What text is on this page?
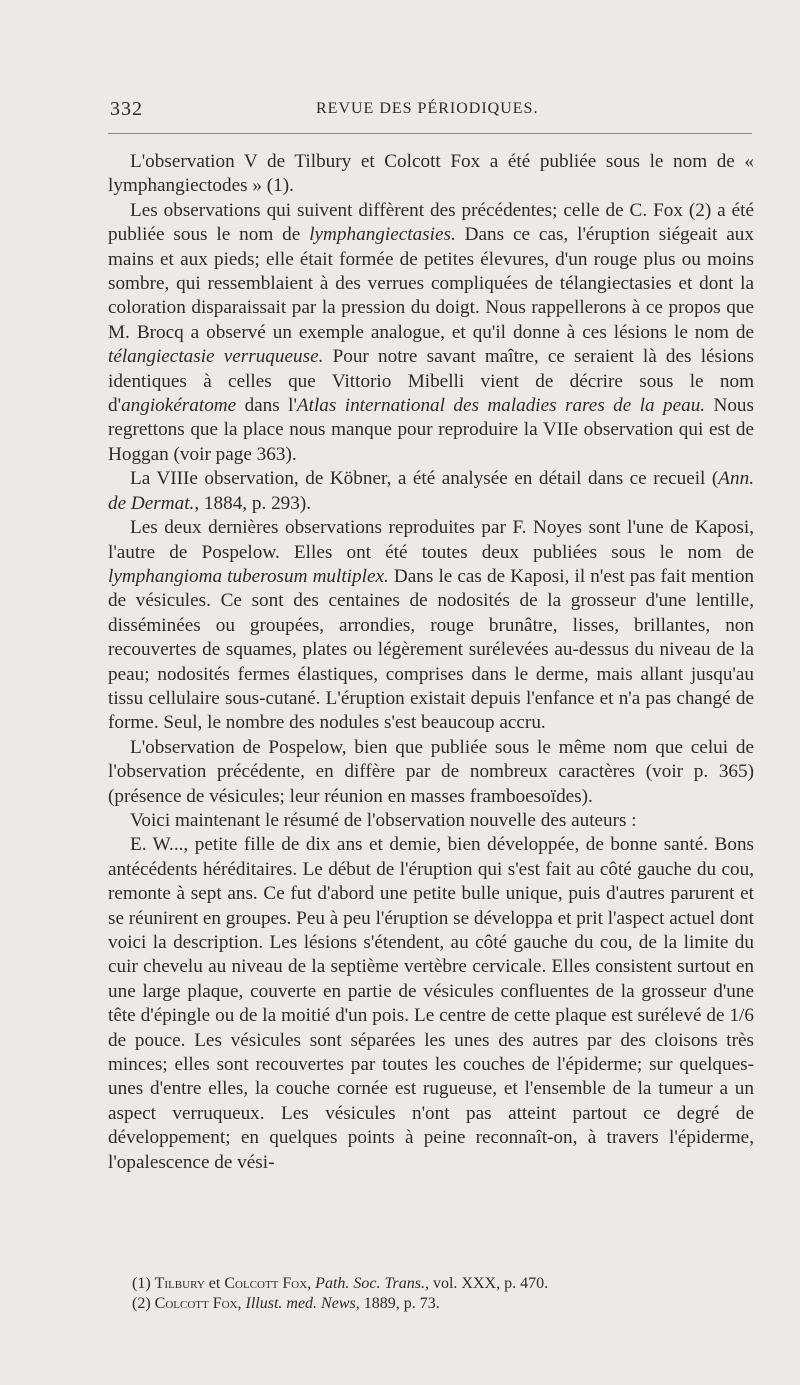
332	REVUE DES PÉRIODIQUES.

L'observation V de Tilbury et Colcott Fox a été publiée sous le nom de « lymphangiectodes » (1).

Les observations qui suivent diffèrent des précédentes; celle de C. Fox (2) a été publiée sous le nom de lymphangiectasies. Dans ce cas, l'éruption siégeait aux mains et aux pieds; elle était formée de petites élevures, d'un rouge plus ou moins sombre, qui ressemblaient à des verrues compliquées de télangiectasies et dont la coloration disparaissait par la pression du doigt. Nous rappellerons à ce propos que M. Brocq a observé un exemple analogue, et qu'il donne à ces lésions le nom de télangiectasie verruqueuse. Pour notre savant maître, ce seraient là des lésions identiques à celles que Vittorio Mibelli vient de décrire sous le nom d'angiokératome dans l'Atlas international des maladies rares de la peau. Nous regrettons que la place nous manque pour reproduire la VIIe observation qui est de Hoggan (voir page 363).

La VIIIe observation, de Köbner, a été analysée en détail dans ce recueil (Ann. de Dermat., 1884, p. 293).

Les deux dernières observations reproduites par F. Noyes sont l'une de Kaposi, l'autre de Pospelow. Elles ont été toutes deux publiées sous le nom de lymphangioma tuberosum multiplex. Dans le cas de Kaposi, il n'est pas fait mention de vésicules. Ce sont des centaines de nodosités de la grosseur d'une lentille, disséminées ou groupées, arrondies, rouge brunâtre, lisses, brillantes, non recouvertes de squames, plates ou légèrement surélevées au-dessus du niveau de la peau; nodosités fermes élastiques, comprises dans le derme, mais allant jusqu'au tissu cellulaire sous-cutané. L'éruption existait depuis l'enfance et n'a pas changé de forme. Seul, le nombre des nodules s'est beaucoup accru.

L'observation de Pospelow, bien que publiée sous le même nom que celui de l'observation précédente, en diffère par de nombreux caractères (voir p. 365) (présence de vésicules; leur réunion en masses framboesoïdes).

Voici maintenant le résumé de l'observation nouvelle des auteurs :

E. W..., petite fille de dix ans et demie, bien développée, de bonne santé. Bons antécédents héréditaires. Le début de l'éruption qui s'est fait au côté gauche du cou, remonte à sept ans. Ce fut d'abord une petite bulle unique, puis d'autres parurent et se réunirent en groupes. Peu à peu l'éruption se développa et prit l'aspect actuel dont voici la description. Les lésions s'étendent, au côté gauche du cou, de la limite du cuir chevelu au niveau de la septième vertèbre cervicale. Elles consistent surtout en une large plaque, couverte en partie de vésicules confluentes de la grosseur d'une tête d'épingle ou de la moitié d'un pois. Le centre de cette plaque est surélevé de 1/6 de pouce. Les vésicules sont séparées les unes des autres par des cloisons très minces; elles sont recouvertes par toutes les couches de l'épiderme; sur quelques-unes d'entre elles, la couche cornée est rugueuse, et l'ensemble de la tumeur a un aspect verruqueux. Les vésicules n'ont pas atteint partout ce degré de développement; en quelques points à peine reconnaît-on, à travers l'épiderme, l'opalescence de vési-

(1) Tilbury et Colcott Fox, Path. Soc. Trans., vol. XXX, p. 470.

(2) Colcott Fox, Illust. med. News, 1889, p. 73.
